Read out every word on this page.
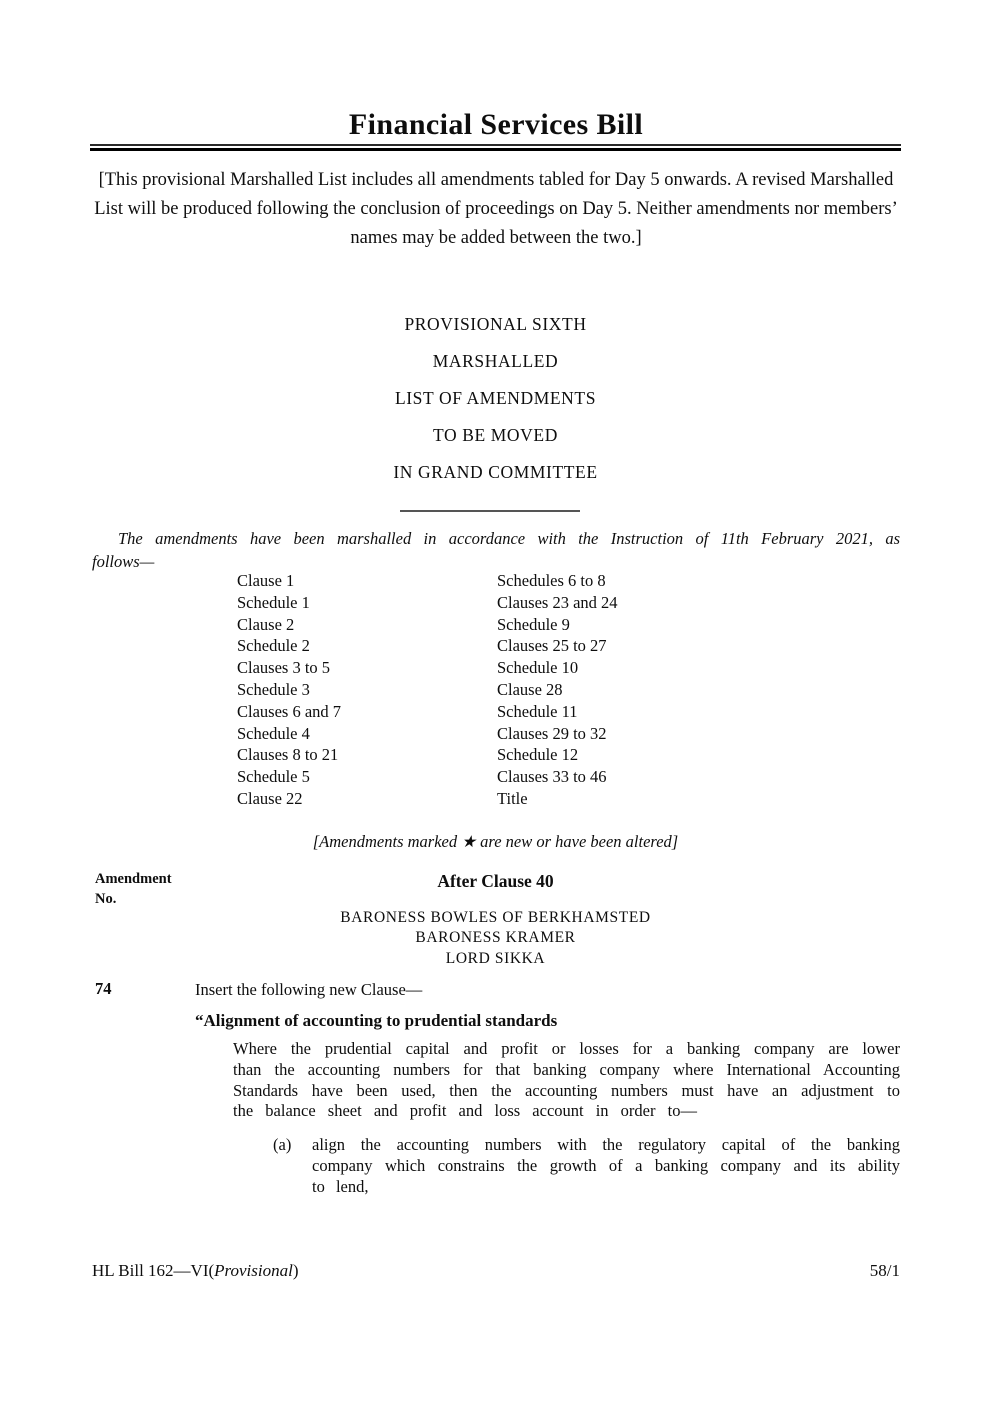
Financial Services Bill
[This provisional Marshalled List includes all amendments tabled for Day 5 onwards. A revised Marshalled List will be produced following the conclusion of proceedings on Day 5. Neither amendments nor members’ names may be added between the two.]
PROVISIONAL SIXTH
MARSHALLED
LIST OF AMENDMENTS
TO BE MOVED
IN GRAND COMMITTEE
The amendments have been marshalled in accordance with the Instruction of 11th February 2021, as follows—
Clause 1
Schedule 1
Clause 2
Schedule 2
Clauses 3 to 5
Schedule 3
Clauses 6 and 7
Schedule 4
Clauses 8 to 21
Schedule 5
Clause 22
Schedules 6 to 8
Clauses 23 and 24
Schedule 9
Clauses 25 to 27
Schedule 10
Clause 28
Schedule 11
Clauses 29 to 32
Schedule 12
Clauses 33 to 46
Title
[Amendments marked ★ are new or have been altered]
Amendment
No.
After Clause 40
BARONESS BOWLES OF BERKHAMSTED
BARONESS KRAMER
LORD SIKKA
74	Insert the following new Clause—
“Alignment of accounting to prudential standards
Where the prudential capital and profit or losses for a banking company are lower than the accounting numbers for that banking company where International Accounting Standards have been used, then the accounting numbers must have an adjustment to the balance sheet and profit and loss account in order to—
(a) align the accounting numbers with the regulatory capital of the banking company which constrains the growth of a banking company and its ability to lend,
HL Bill 162—VI(Provisional)	58/1
